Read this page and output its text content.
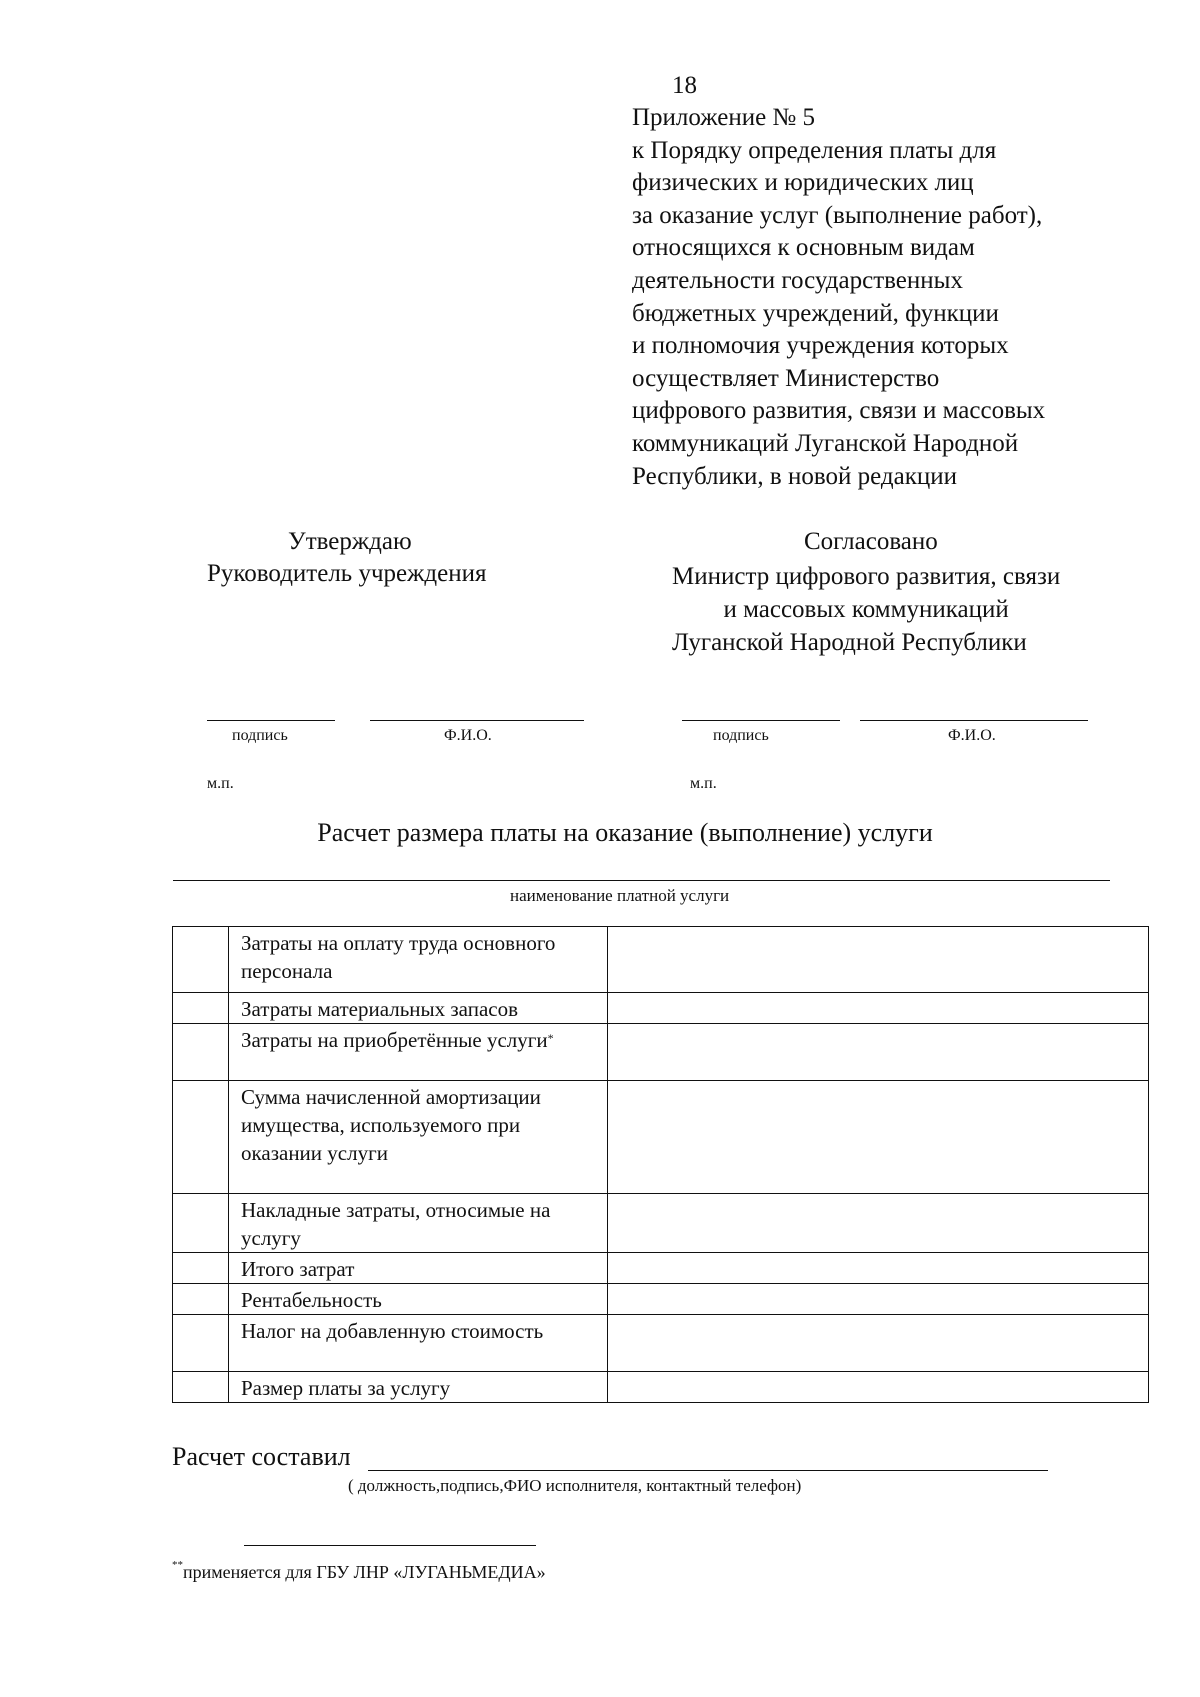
18
Приложение № 5
к Порядку определения платы для
физических и юридических лиц
за оказание услуг (выполнение работ),
относящихся к основным видам
деятельности государственных
бюджетных учреждений, функции
и полномочия учреждения которых
осуществляет Министерство
цифрового развития, связи и массовых
коммуникаций Луганской Народной
Республики, в новой редакции
Утверждаю
Руководитель учреждения
подпись	Ф.И.О.
м.п.
Согласовано
Министр цифрового развития, связи
и массовых коммуникаций
Луганской Народной Республики
подпись	Ф.И.О.
м.п.
Расчет размера платы на оказание (выполнение) услуги
наименование платной услуги
	Затраты на оплату труда основного персонала	
	Затраты материальных запасов	
	Затраты на приобретённые услуги*	
	Сумма начисленной амортизации имущества, используемого при оказании услуги	
	Накладные затраты, относимые на услугу	
	Итого затрат	
	Рентабельность	
	Налог на добавленную стоимость	
	Размер платы за услугу	
Расчет составил
( должность,подпись,ФИО исполнителя, контактный телефон)
**применяется для ГБУ ЛНР «ЛУГАНЬМЕДИА»
